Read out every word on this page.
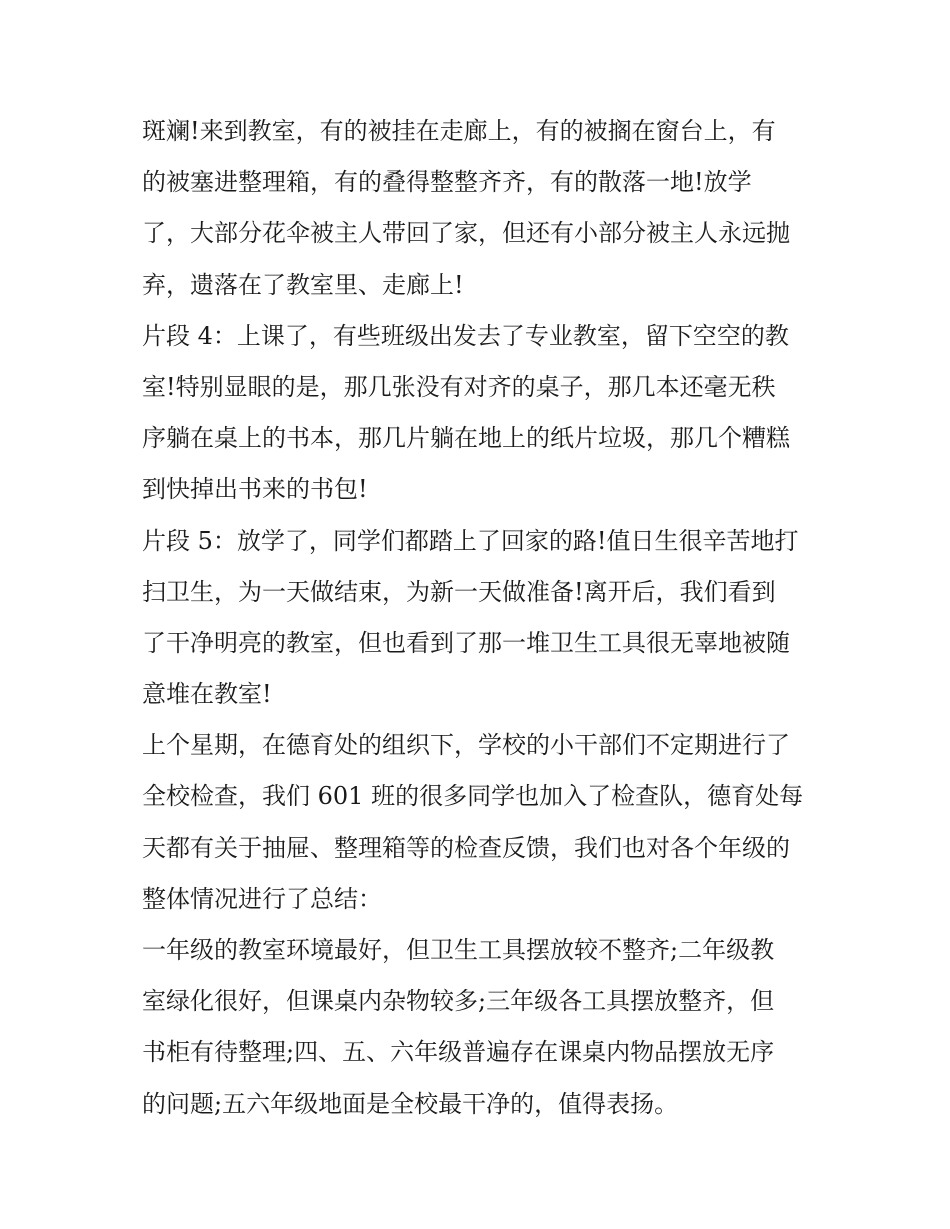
斑斓!来到教室，有的被挂在走廊上，有的被搁在窗台上，有
的被塞进整理箱，有的叠得整整齐齐，有的散落一地!放学
了，大部分花伞被主人带回了家，但还有小部分被主人永远抛
弃，遗落在了教室里、走廊上!
片段 4：上课了，有些班级出发去了专业教室，留下空空的教
室!特别显眼的是，那几张没有对齐的桌子，那几本还毫无秩
序躺在桌上的书本，那几片躺在地上的纸片垃圾，那几个糟糕
到快掉出书来的书包!
片段 5：放学了，同学们都踏上了回家的路!值日生很辛苦地打
扫卫生，为一天做结束，为新一天做准备!离开后，我们看到
了干净明亮的教室，但也看到了那一堆卫生工具很无辜地被随
意堆在教室!
上个星期，在德育处的组织下，学校的小干部们不定期进行了
全校检查，我们 601 班的很多同学也加入了检查队，德育处每
天都有关于抽屉、整理箱等的检查反馈，我们也对各个年级的
整体情况进行了总结：
一年级的教室环境最好，但卫生工具摆放较不整齐;二年级教
室绿化很好，但课桌内杂物较多;三年级各工具摆放整齐，但
书柜有待整理;四、五、六年级普遍存在课桌内物品摆放无序
的问题;五六年级地面是全校最干净的，值得表扬。
